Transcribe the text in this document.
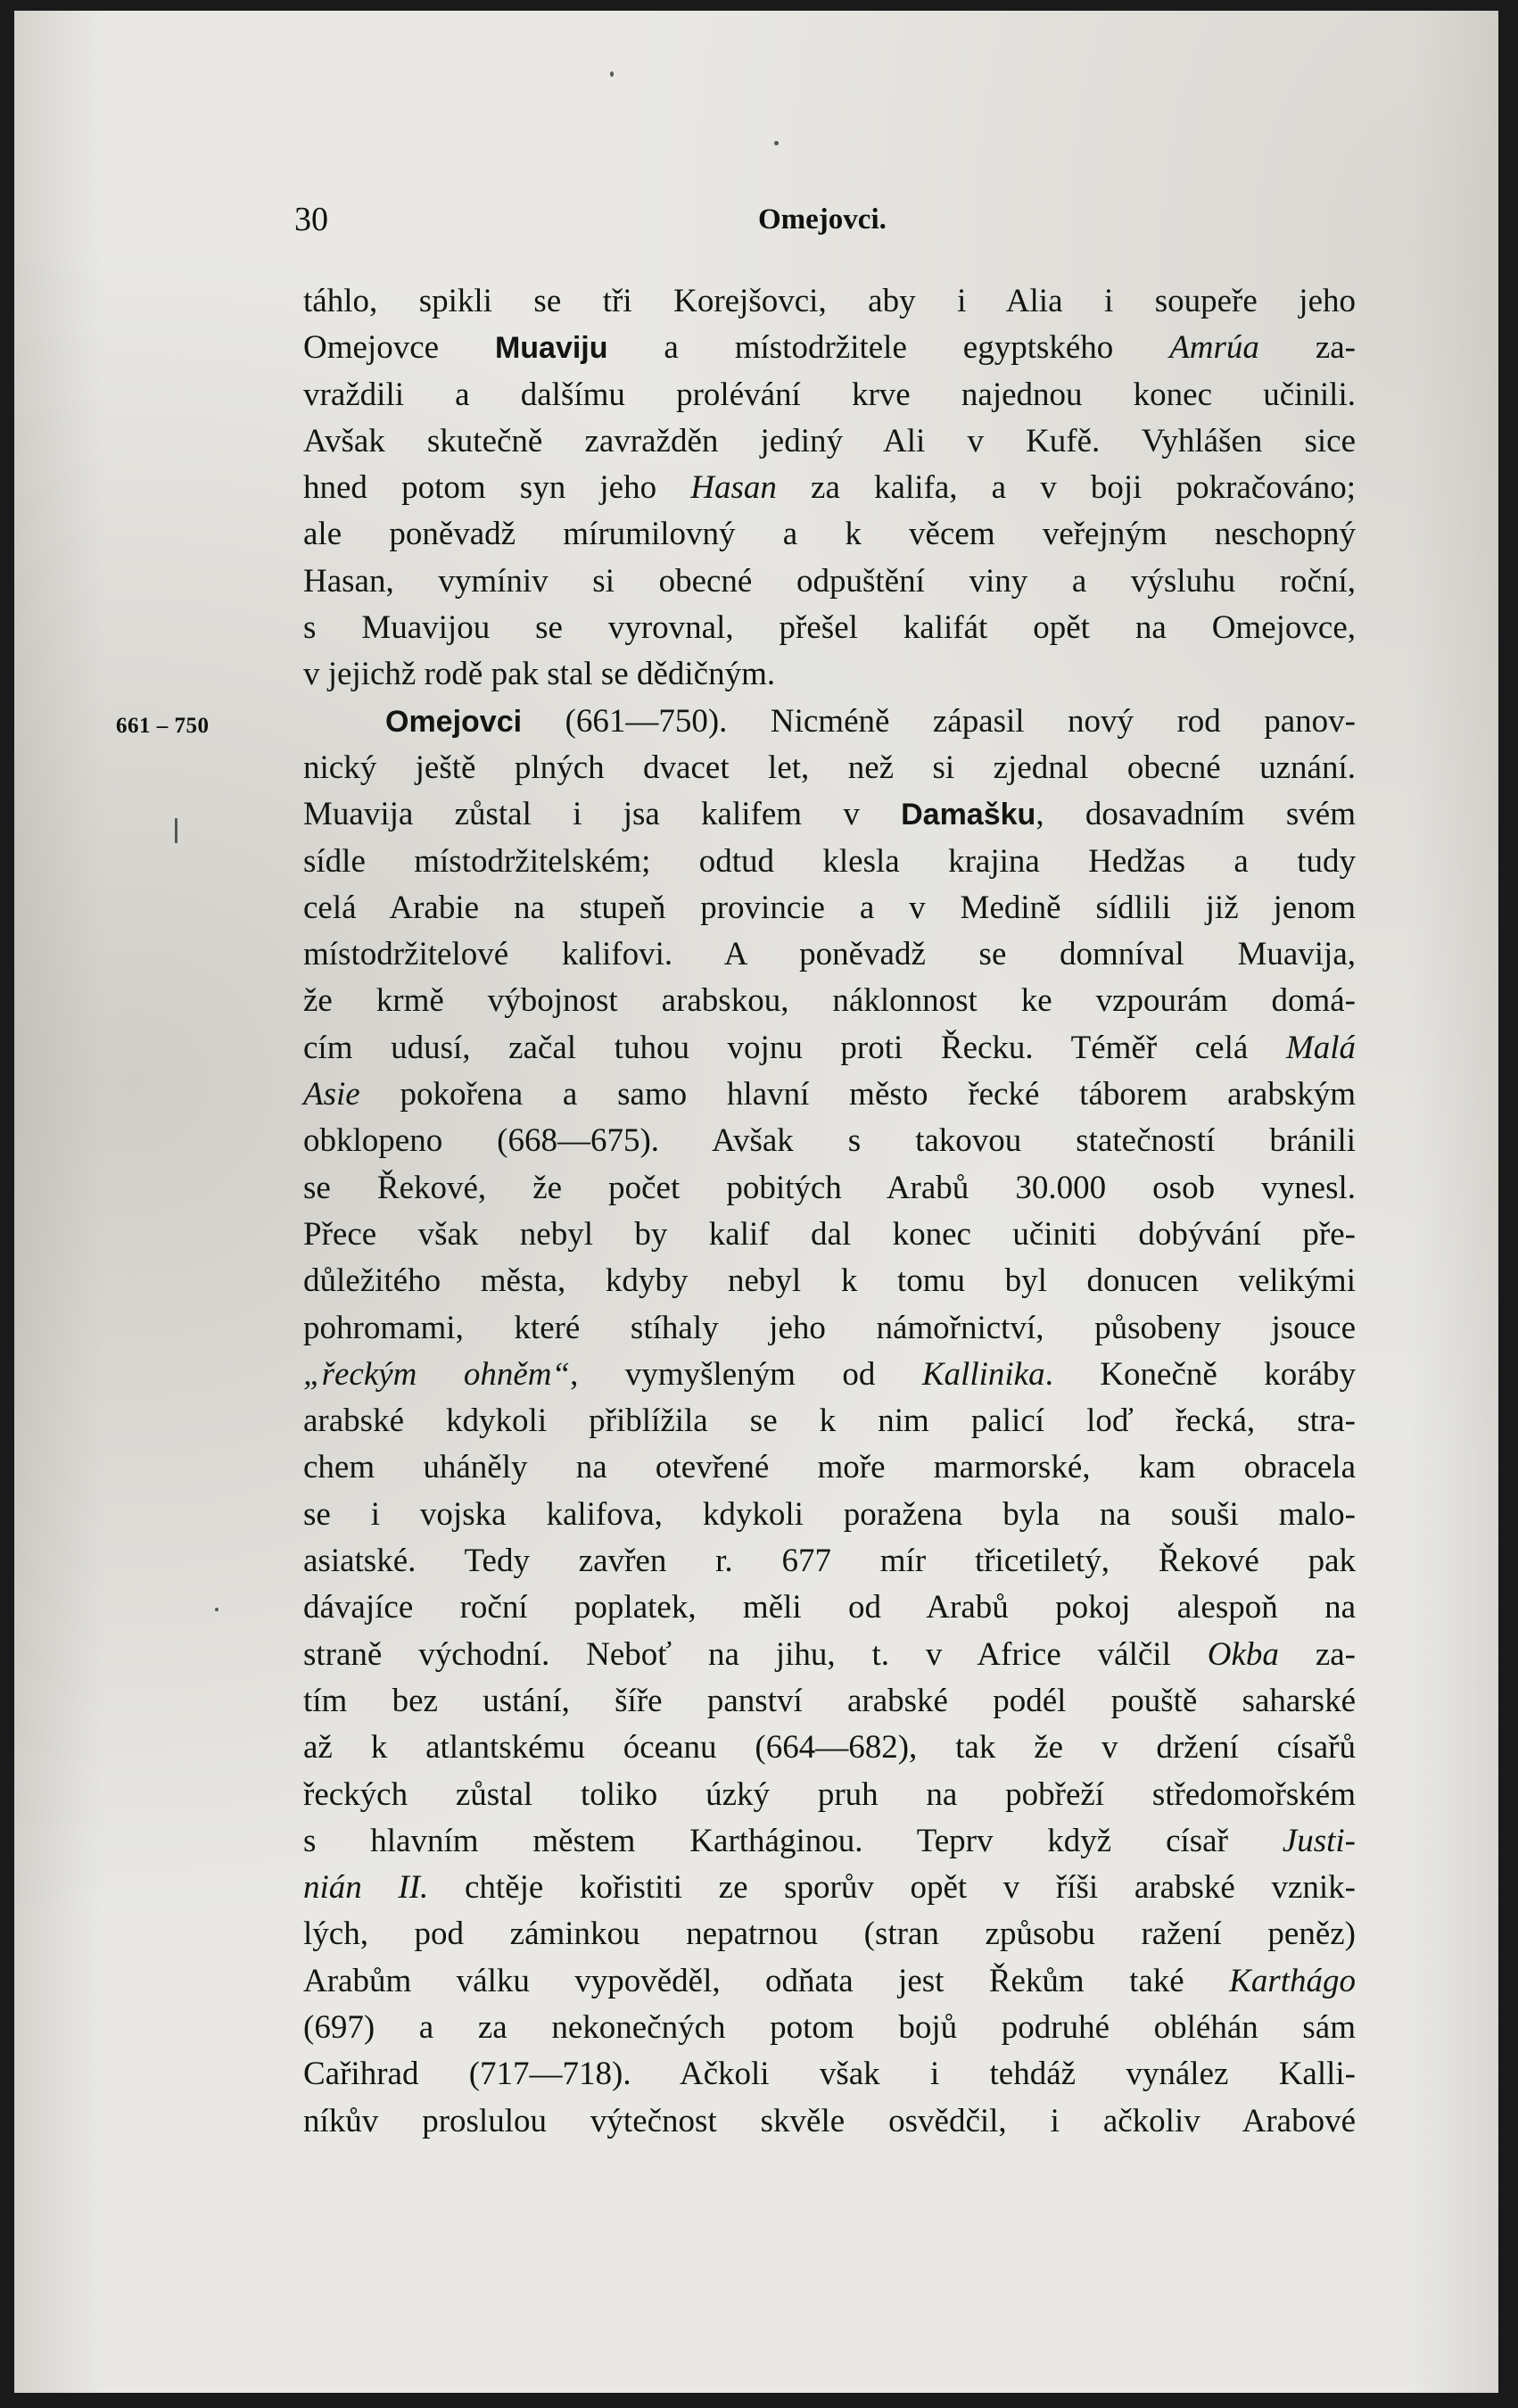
30	Omejovci.
661 – 750
táhlo, spikli se tři Korejšovci, aby i Alia i soupeře jeho
Omejovce Muaviju a místodržitele egyptského Amrúa za-
vraždili a dalšímu prolévání krve najednou konec učinili.
Avšak skutečně zavražděn jediný Ali v Kufě. Vyhlášen sice
hned potom syn jeho Hasan za kalifa, a v boji pokračováno;
ale poněvadž mírumilovný a k věcem veřejným neschopný
Hasan, vymíniv si obecné odpuštění viny a výsluhu roční,
s Muavijou se vyrovnal, přešel kalifát opět na Omejovce,
v jejichž rodě pak stal se dědičným.
Omejovci (661—750). Nicméně zápasil nový rod panov-
nický ještě plných dvacet let, než si zjednal obecné uznání.
Muavija zůstal i jsa kalifem v Damašku, dosavadním svém
sídle místodržitelském; odtud klesla krajina Hedžas a tudy
celá Arabie na stupeň provincie a v Medině sídlili již jenom
místodržitelové kalifovi. A poněvadž se domníval Muavija,
že krmě výbojnost arabskou, náklonnost ke vzpourám domá-
cím udusí, začal tuhou vojnu proti Řecku. Téměř celá Malá
Asie pokořena a samo hlavní město řecké táborem arabským
obklopeno (668—675). Avšak s takovou statečností bránili
se Řekové, že počet pobitých Arabů 30.000 osob vynesl.
Přece však nebyl by kalif dal konec učiniti dobývání pře-
důležitého města, kdyby nebyl k tomu byl donucen velikými
pohromami, které stíhaly jeho námořnictví, působeny jsouce
„řeckým ohněm“, vymyšleným od Kallinika. Konečně koráby
arabské kdykoli přiblížila se k nim palicí loď řecká, stra-
chem uháněly na otevřené moře marmorské, kam obracela
se i vojska kalifova, kdykoli poražena byla na souši malo-
asiatské. Tedy zavřen r. 677 mír třicetiletý, Řekové pak
dávajíce roční poplatek, měli od Arabů pokoj alespoň na
straně východní. Neboť na jihu, t. v Africe válčil Okba za-
tím bez ustání, šíře panství arabské podél pouště saharské
až k atlantskému óceanu (664—682), tak že v držení císařů
řeckých zůstal toliko úzký pruh na pobřeží středomořském
s hlavním městem Kartháginou. Teprv když císař Justi-
nián II. chtěje kořistiti ze sporův opět v říši arabské vznik-
lých, pod záminkou nepatrnou (stran způsobu ražení peněz)
Arabům válku vypověděl, odňata jest Řekům také Karthágo
(697) a za nekonečných potom bojů podruhé obléhán sám
Cařihrad (717—718). Ačkoli však i tehdáž vynález Kalli-
níkův proslulou výtečnost skvěle osvědčil, i ačkoliv Arabové
